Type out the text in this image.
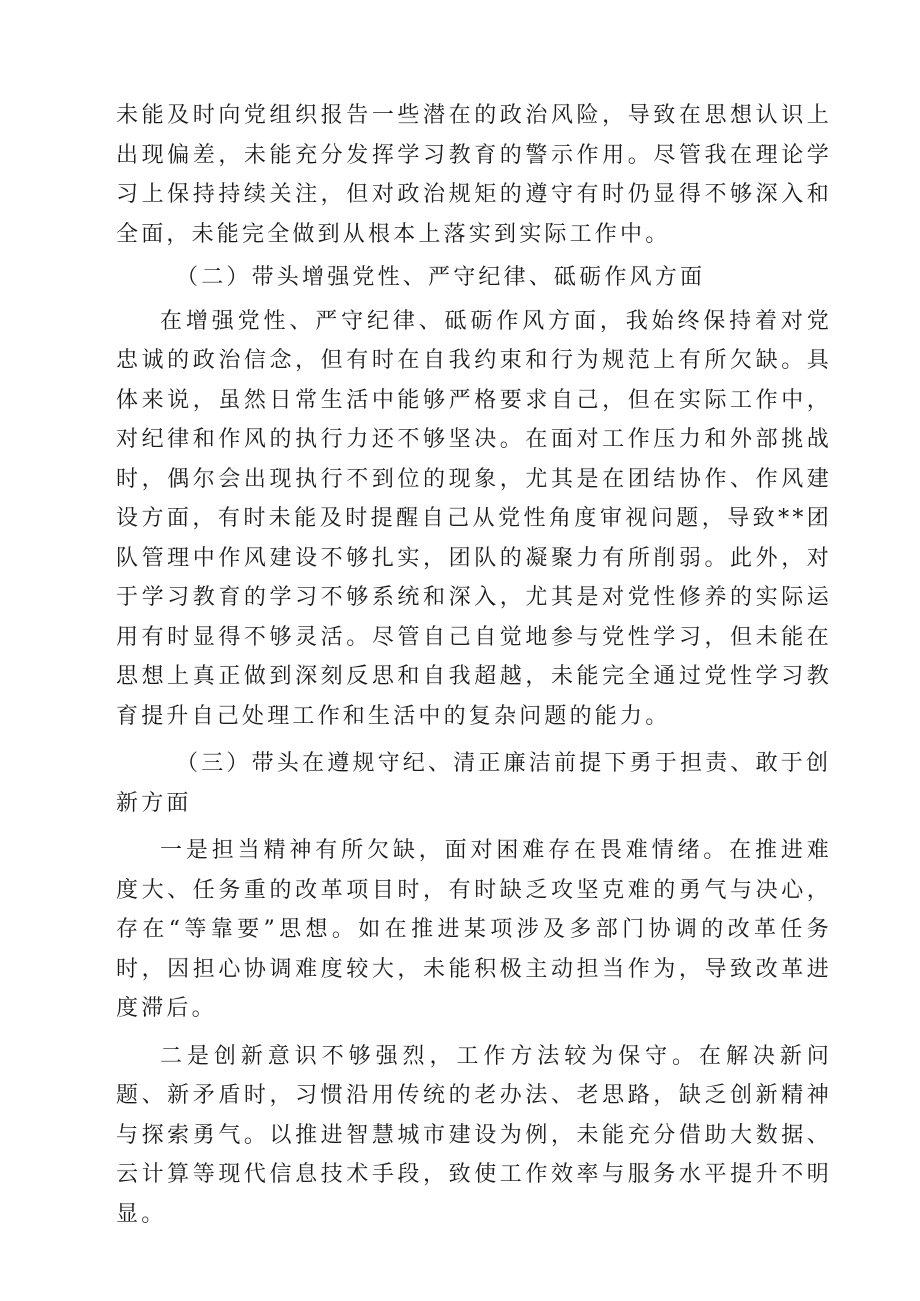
未能及时向党组织报告一些潜在的政治风险，导致在思想认识上出现偏差，未能充分发挥学习教育的警示作用。尽管我在理论学习上保持持续关注，但对政治规矩的遵守有时仍显得不够深入和全面，未能完全做到从根本上落实到实际工作中。

（二）带头增强党性、严守纪律、砥砺作风方面

在增强党性、严守纪律、砥砺作风方面，我始终保持着对党忠诚的政治信念，但有时在自我约束和行为规范上有所欠缺。具体来说，虽然日常生活中能够严格要求自己，但在实际工作中，对纪律和作风的执行力还不够坚决。在面对工作压力和外部挑战时，偶尔会出现执行不到位的现象，尤其是在团结协作、作风建设方面，有时未能及时提醒自己从党性角度审视问题，导致**团队管理中作风建设不够扎实，团队的凝聚力有所削弱。此外，对于学习教育的学习不够系统和深入，尤其是对党性修养的实际运用有时显得不够灵活。尽管自己自觉地参与党性学习，但未能在思想上真正做到深刻反思和自我超越，未能完全通过党性学习教育提升自己处理工作和生活中的复杂问题的能力。

（三）带头在遵规守纪、清正廉洁前提下勇于担责、敢于创新方面

一是担当精神有所欠缺，面对困难存在畏难情绪。在推进难度大、任务重的改革项目时，有时缺乏攻坚克难的勇气与决心，存在“等靠要”思想。如在推进某项涉及多部门协调的改革任务时，因担心协调难度较大，未能积极主动担当作为，导致改革进度滞后。

二是创新意识不够强烈，工作方法较为保守。在解决新问题、新矛盾时，习惯沿用传统的老办法、老思路，缺乏创新精神与探索勇气。以推进智慧城市建设为例，未能充分借助大数据、云计算等现代信息技术手段，致使工作效率与服务水平提升不明显。
